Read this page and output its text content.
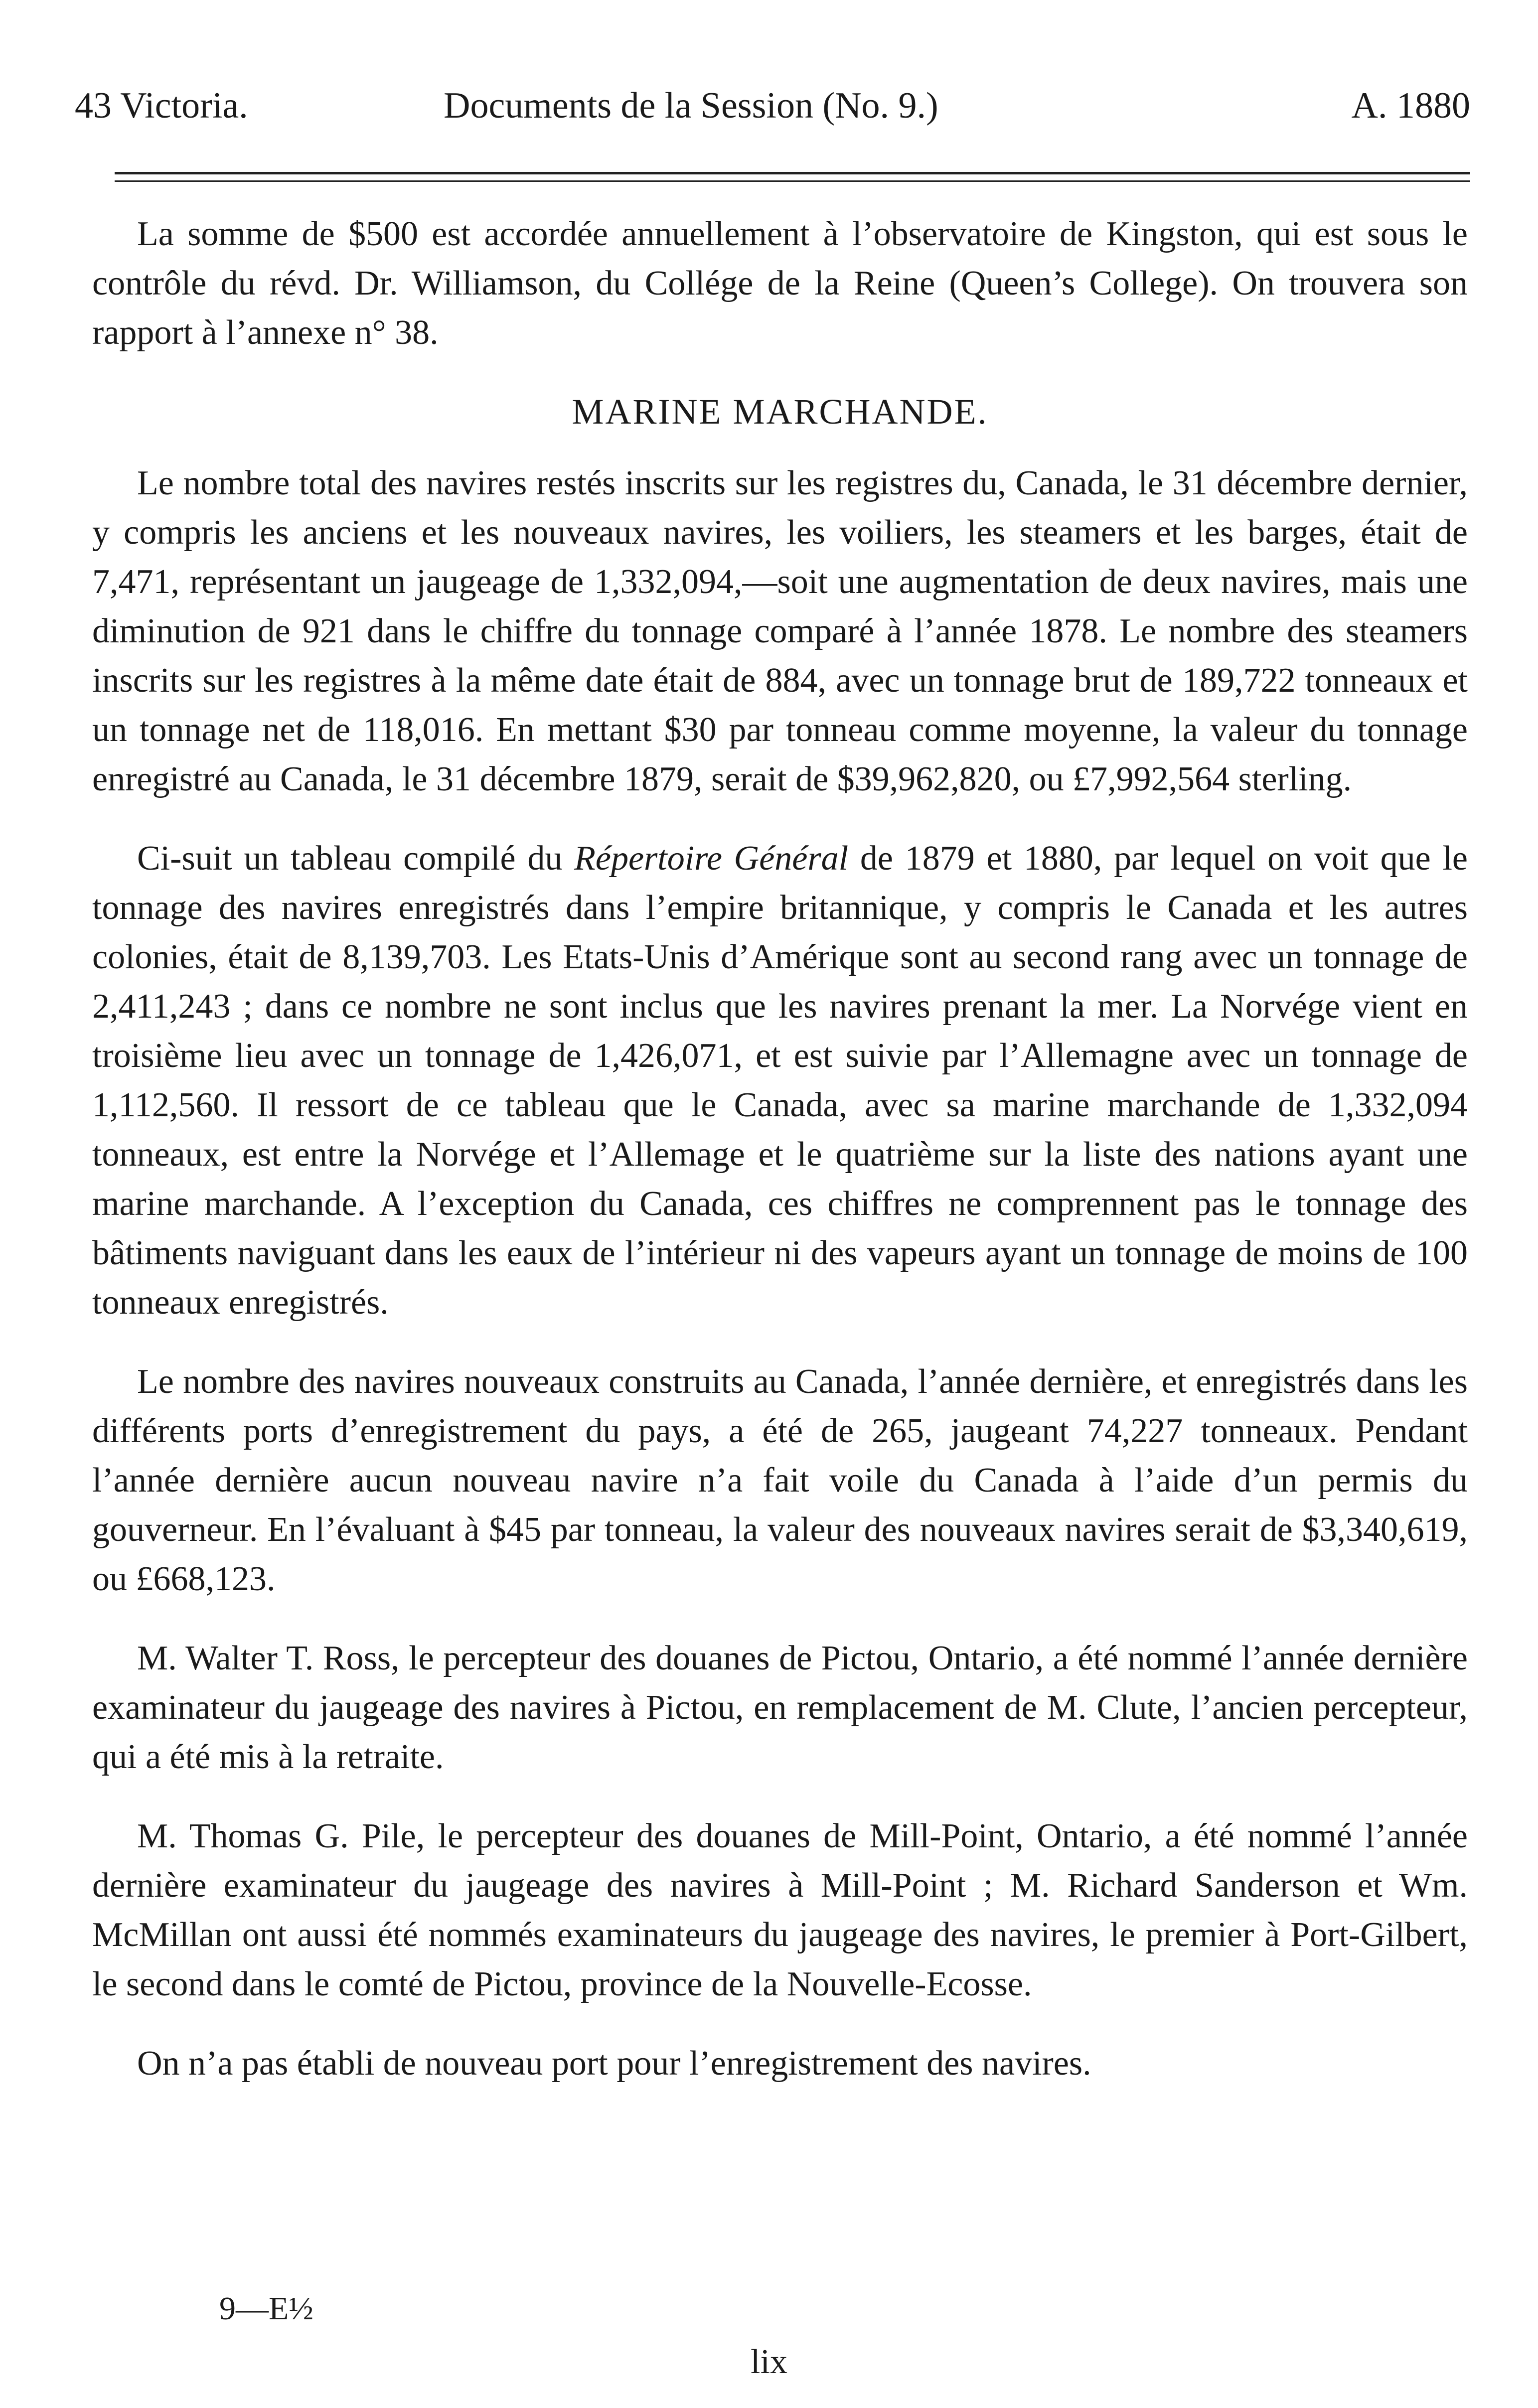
43 Victoria.	Documents de la Session (No. 9.)	A. 1880

La somme de $500 est accordée annuellement à l’observatoire de Kingston, qui est sous le contrôle du révd. Dr. Williamson, du Collége de la Reine (Queen’s College). On trouvera son rapport à l’annexe n° 38.

MARINE MARCHANDE.

Le nombre total des navires restés inscrits sur les registres du, Canada, le 31 décembre dernier, y compris les anciens et les nouveaux navires, les voiliers, les steamers et les barges, était de 7,471, représentant un jaugeage de 1,332,094,—soit une augmentation de deux navires, mais une diminution de 921 dans le chiffre du tonnage comparé à l’année 1878. Le nombre des steamers inscrits sur les registres à la même date était de 884, avec un tonnage brut de 189,722 tonneaux et un tonnage net de 118,016. En mettant $30 par tonneau comme moyenne, la valeur du tonnage enregistré au Canada, le 31 décembre 1879, serait de $39,962,820, ou £7,992,564 sterling.

Ci-suit un tableau compilé du Répertoire Général de 1879 et 1880, par lequel on voit que le tonnage des navires enregistrés dans l’empire britannique, y compris le Canada et les autres colonies, était de 8,139,703. Les Etats-Unis d’Amérique sont au second rang avec un tonnage de 2,411,243 ; dans ce nombre ne sont inclus que les navires prenant la mer. La Norvége vient en troisième lieu avec un tonnage de 1,426,071, et est suivie par l’Allemagne avec un tonnage de 1,112,560. Il ressort de ce tableau que le Canada, avec sa marine marchande de 1,332,094 tonneaux, est entre la Norvége et l’Allemage et le quatrième sur la liste des nations ayant une marine marchande. A l’exception du Canada, ces chiffres ne comprennent pas le tonnage des bâtiments naviguant dans les eaux de l’intérieur ni des vapeurs ayant un tonnage de moins de 100 tonneaux enregistrés.

Le nombre des navires nouveaux construits au Canada, l’année dernière, et enregistrés dans les différents ports d’enregistrement du pays, a été de 265, jaugeant 74,227 tonneaux. Pendant l’année dernière aucun nouveau navire n’a fait voile du Canada à l’aide d’un permis du gouverneur. En l’évaluant à $45 par tonneau, la valeur des nouveaux navires serait de $3,340,619, ou £668,123.

M. Walter T. Ross, le percepteur des douanes de Pictou, Ontario, a été nommé l’année dernière examinateur du jaugeage des navires à Pictou, en remplacement de M. Clute, l’ancien percepteur, qui a été mis à la retraite.

M. Thomas G. Pile, le percepteur des douanes de Mill-Point, Ontario, a été nommé l’année dernière examinateur du jaugeage des navires à Mill-Point ; M. Richard Sanderson et Wm. McMillan ont aussi été nommés examinateurs du jaugeage des navires, le premier à Port-Gilbert, le second dans le comté de Pictou, province de la Nouvelle-Ecosse.

On n’a pas établi de nouveau port pour l’enregistrement des navires.

9—E½
lix
